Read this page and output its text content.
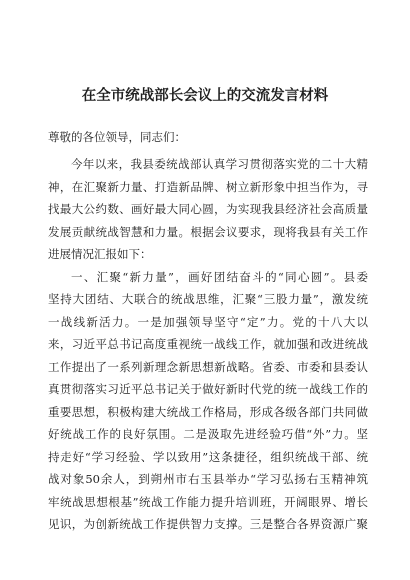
在全市统战部长会议上的交流发言材料

尊敬的各位领导，同志们：

今年以来，我县委统战部认真学习贯彻落实党的二十大精
神，在汇聚新力量、打造新品牌、树立新形象中担当作为，寻
找最大公约数、画好最大同心圆，为实现我县经济社会高质量
发展贡献统战智慧和力量。根据会议要求，现将我县有关工作
进展情况汇报如下：
一、汇聚“新力量”，画好团结奋斗的“同心圆”。县委
坚持大团结、大联合的统战思维，汇聚“三股力量”，激发统
一战线新活力。一是加强领导坚守“定”力。党的十八大以
来，习近平总书记高度重视统一战线工作，就加强和改进统战
工作提出了一系列新理念新思想新战略。省委、市委和县委认
真贯彻落实习近平总书记关于做好新时代党的统一战线工作的
重要思想，积极构建大统战工作格局，形成各级各部门共同做
好统战工作的良好氛围。二是汲取先进经验巧借“外”力。坚
持走好“学习经验、学以致用”这条捷径，组织统战干部、统
战对象50余人，到朔州市右玉县举办“学习弘扬右玉精神筑
牢统战思想根基”统战工作能力提升培训班，开阔眼界、增长
见识，为创新统战工作提供智力支撑。三是整合各界资源广聚
